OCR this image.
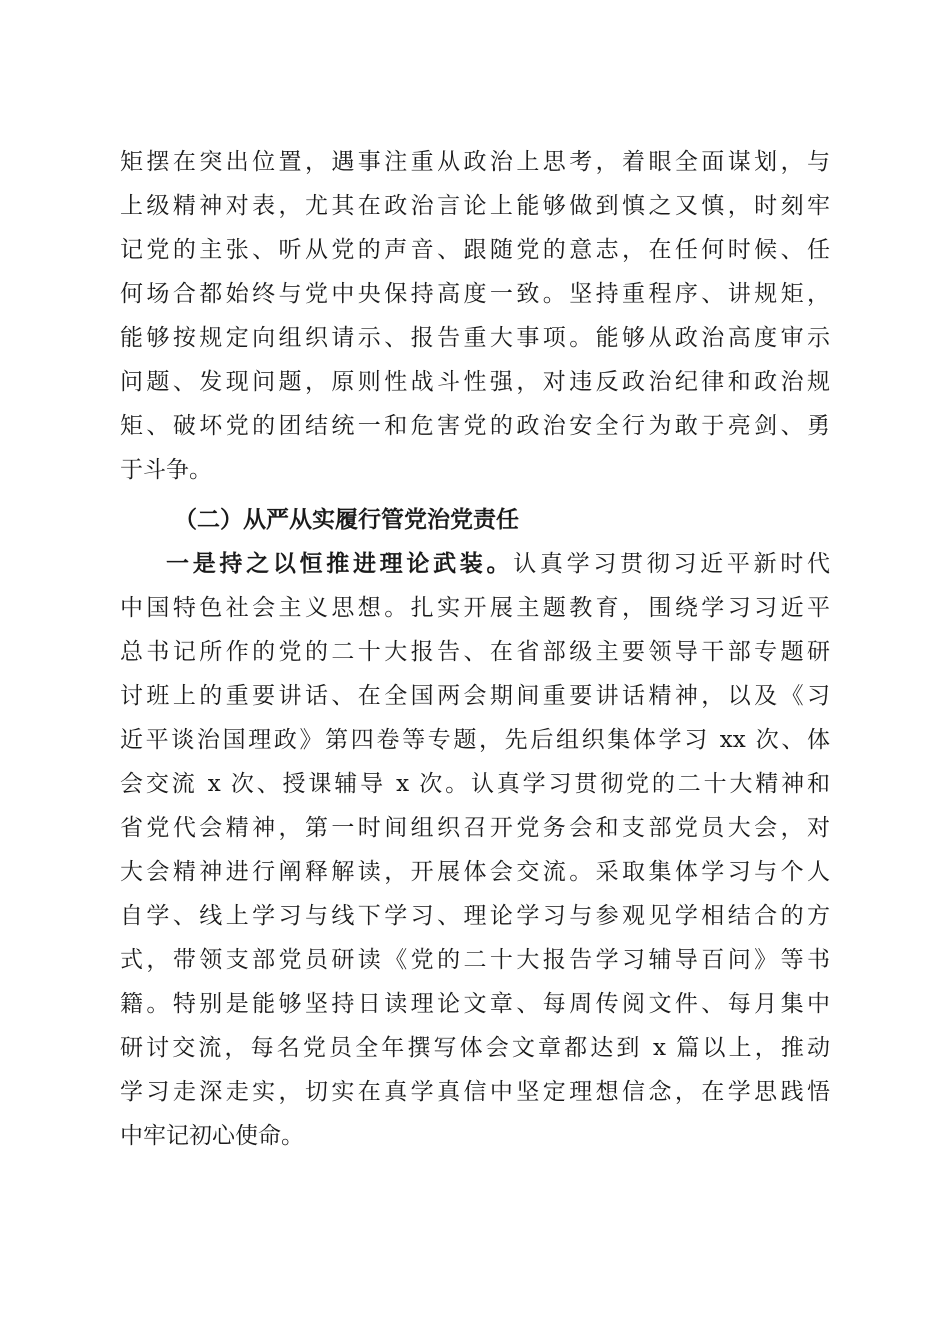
矩摆在突出位置，遇事注重从政治上思考，着眼全面谋划，与
上级精神对表，尤其在政治言论上能够做到慎之又慎，时刻牢
记党的主张、听从党的声音、跟随党的意志，在任何时候、任
何场合都始终与党中央保持高度一致。坚持重程序、讲规矩，
能够按规定向组织请示、报告重大事项。能够从政治高度审示
问题、发现问题，原则性战斗性强，对违反政治纪律和政治规
矩、破坏党的团结统一和危害党的政治安全行为敢于亮剑、勇
于斗争。
（二）从严从实履行管党治党责任
一是持之以恒推进理论武装。认真学习贯彻习近平新时代
中国特色社会主义思想。扎实开展主题教育，围绕学习习近平
总书记所作的党的二十大报告、在省部级主要领导干部专题研
讨班上的重要讲话、在全国两会期间重要讲话精神，以及《习
近平谈治国理政》第四卷等专题，先后组织集体学习 xx 次、体
会交流 x 次、授课辅导 x 次。认真学习贯彻党的二十大精神和
省党代会精神，第一时间组织召开党务会和支部党员大会，对
大会精神进行阐释解读，开展体会交流。采取集体学习与个人
自学、线上学习与线下学习、理论学习与参观见学相结合的方
式，带领支部党员研读《党的二十大报告学习辅导百问》等书
籍。特别是能够坚持日读理论文章、每周传阅文件、每月集中
研讨交流，每名党员全年撰写体会文章都达到 x 篇以上，推动
学习走深走实，切实在真学真信中坚定理想信念，在学思践悟
中牢记初心使命。
